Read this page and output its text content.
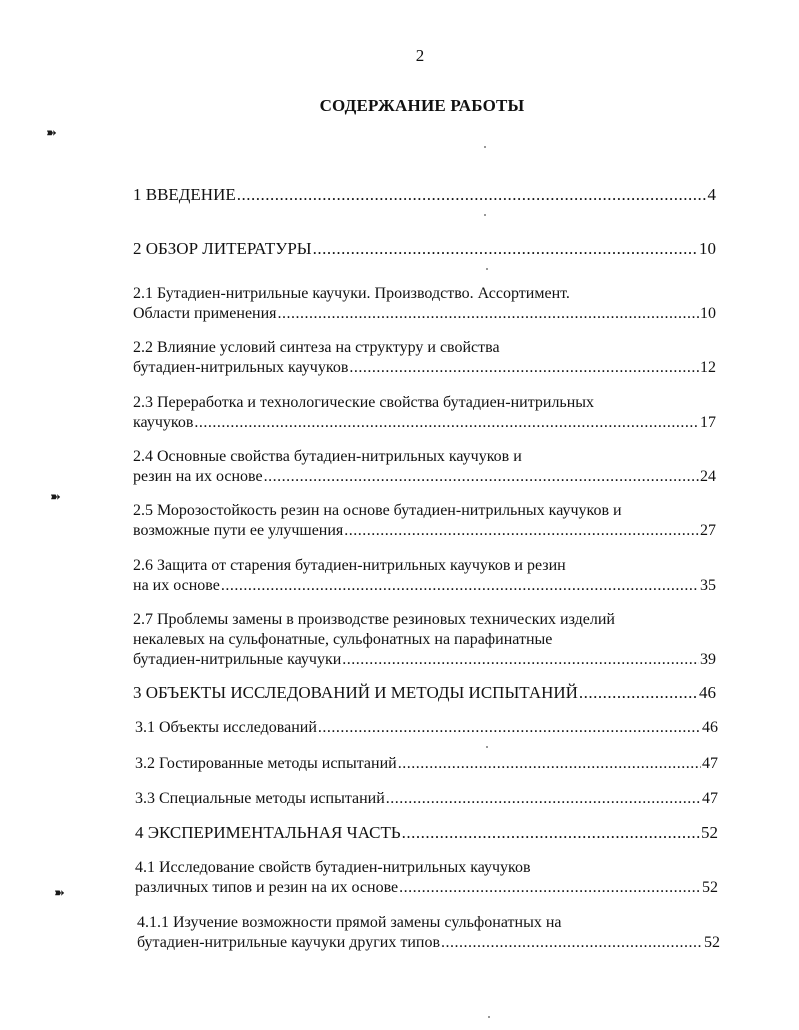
2
СОДЕРЖАНИЕ РАБОТЫ
➽
➽
➽
1 ВВЕДЕНИЕ .....	4
2 ОБЗОР ЛИТЕРАТУРЫ .....	10
2.1 Бутадиен-нитрильные каучуки. Производство. Ассортимент.
Области применения .....	10
2.2 Влияние условий синтеза на структуру и свойства
бутадиен-нитрильных каучуков .....	12
2.3 Переработка и технологические свойства бутадиен-нитрильных
каучуков .....	17
2.4 Основные свойства бутадиен-нитрильных каучуков и
резин на их основе .....	24
2.5 Морозостойкость резин на основе бутадиен-нитрильных каучуков и
возможные пути ее улучшения .....	27
2.6 Защита от старения бутадиен-нитрильных каучуков и резин
на их основе .....	35
2.7 Проблемы замены в производстве резиновых технических изделий
некалевых на сульфонатные, сульфонатных на парафинатные
бутадиен-нитрильные каучуки .....	39
3 ОБЪЕКТЫ ИССЛЕДОВАНИЙ И МЕТОДЫ ИСПЫТАНИЙ .....	46
3.1 Объекты исследований .....	46
3.2 Гостированные методы испытаний .....	47
3.3 Специальные методы испытаний .....	47
4 ЭКСПЕРИМЕНТАЛЬНАЯ ЧАСТЬ .....	52
4.1 Исследование свойств бутадиен-нитрильных каучуков
различных типов и резин на их основе .....	52
4.1.1 Изучение возможности прямой замены сульфонатных на
бутадиен-нитрильные каучуки других типов .....	52
